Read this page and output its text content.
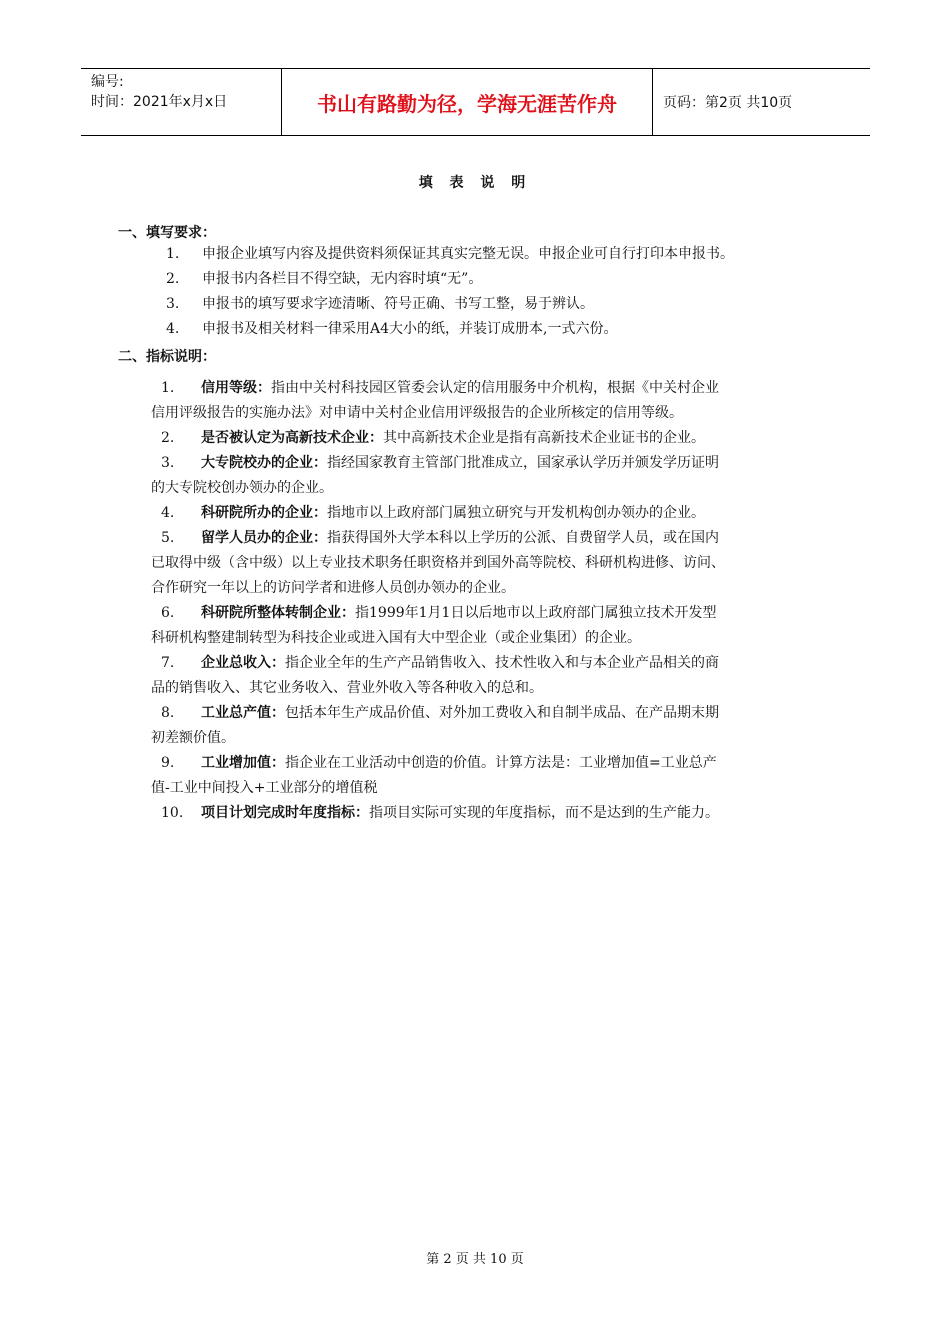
编号:
时间：2021年x月x日	书山有路勤为径，学海无涯苦作舟	页码：第2页 共10页
填 表 说 明
一、填写要求：
1. 申报企业填写内容及提供资料须保证其真实完整无误。申报企业可自行打印本申报书。
2. 申报书内各栏目不得空缺，无内容时填“无”。
3. 申报书的填写要求字迹清晰、符号正确、书写工整，易于辨认。
4. 申报书及相关材料一律采用A4大小的纸，并装订成册本,一式六份。
二、指标说明：
1. 信用等级：指由中关村科技园区管委会认定的信用服务中介机构，根据《中关村企业
信用评级报告的实施办法》对申请中关村企业信用评级报告的企业所核定的信用等级。
2. 是否被认定为高新技术企业：其中高新技术企业是指有高新技术企业证书的企业。
3. 大专院校办的企业：指经国家教育主管部门批准成立，国家承认学历并颁发学历证明
的大专院校创办领办的企业。
4. 科研院所办的企业：指地市以上政府部门属独立研究与开发机构创办领办的企业。
5. 留学人员办的企业：指获得国外大学本科以上学历的公派、自费留学人员，或在国内
已取得中级（含中级）以上专业技术职务任职资格并到国外高等院校、科研机构进修、访问、
合作研究一年以上的访问学者和进修人员创办领办的企业。
6. 科研院所整体转制企业：指1999年1月1日以后地市以上政府部门属独立技术开发型
科研机构整建制转型为科技企业或进入国有大中型企业（或企业集团）的企业。
7. 企业总收入：指企业全年的生产产品销售收入、技术性收入和与本企业产品相关的商
品的销售收入、其它业务收入、营业外收入等各种收入的总和。
8. 工业总产值：包括本年生产成品价值、对外加工费收入和自制半成品、在产品期末期
初差额价值。
9. 工业增加值：指企业在工业活动中创造的价值。计算方法是：工业增加值=工业总产
值-工业中间投入+工业部分的增值税
10. 项目计划完成时年度指标：指项目实际可实现的年度指标，而不是达到的生产能力。
第 2 页 共 10 页
